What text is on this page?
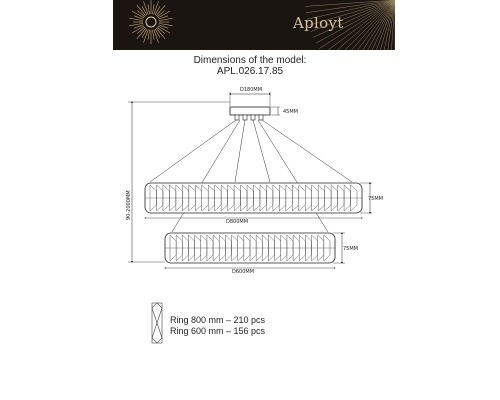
Aployt
Dimensions of the model:
APL.026.17.85
D180MM
45MM
D800MM
75MM
D600MM
75MM
90-2000MM
Ring 800 mm – 210 pcs
Ring 600 mm – 156 pcs
